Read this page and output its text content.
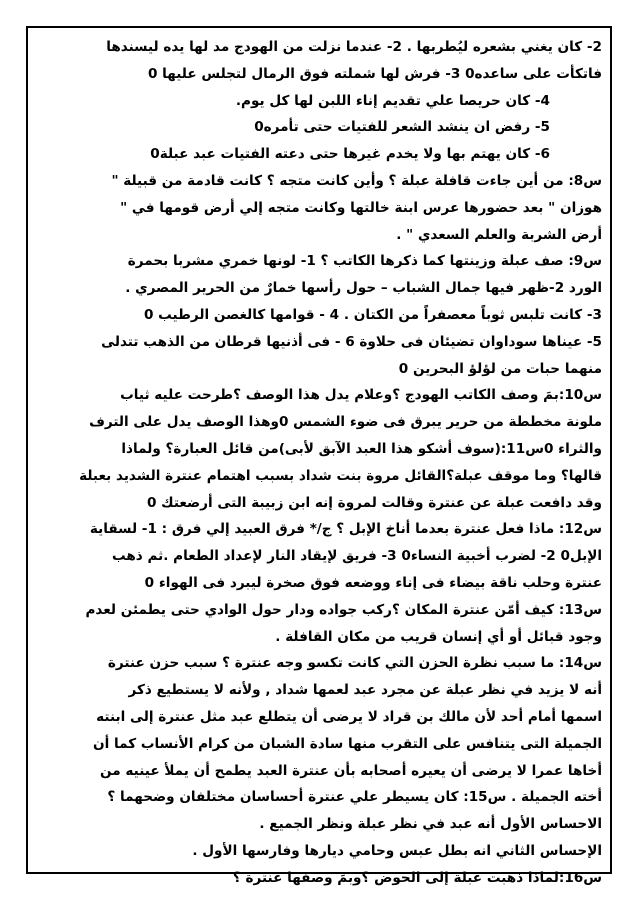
2- كان يغني بشعره ليُطربها . 2- عندما نزلت من الهودج مد لها يده ليسندها
فاتكأت على ساعده0 3- فرش لها شملته فوق الرمال لتجلس عليها 0
4- كان حريصا علي تقديم إناء اللبن لها كل يوم.
5- رفض ان ينشد الشعر للفتيات حتى تأمره0
6- كان يهتم بها ولا يخدم غيرها حتى دعته الفتيات عبد عبلة0
س8: من أين جاءت قافلة عبلة ؟ وأين كانت متجه ؟ كانت قادمة من قبيلة "
هوزان " بعد حضورها عرس ابنة خالتها وكانت متجه إلي أرض قومها في "
أرض الشربة والعلم السعدي " .
س9: صف عبلة وزينتها كما ذكرها الكاتب ؟ 1- لونها خمري مشربا بحمرة
الورد 2-ظهر فيها جمال الشباب – حول رأسها خمارٌ من الحرير المصري .
3- كانت تلبس ثوباً معصفراً من الكتان . 4 - قوامها كالغصن الرطيب 0
5- عيناها سوداوان تضيئان فى حلاوة 6 - فى أذنيها قرطان من الذهب تتدلى
منهما حبات من لؤلؤ البحرين 0
س10:بمَ وصف الكاتب الهودج ؟وعلام يدل هذا الوصف ؟طرحت عليه ثياب
ملونة مخططة من حرير يبرق فى ضوء الشمس 0وهذا الوصف يدل على الترف
والثراء 0س11:(سوف أشكو هذا العبد الآبق لأبى)من قائل العبارة؟ ولماذا
قالها؟ وما موقف عبلة؟القائل مروة بنت شداد بسبب اهتمام عنترة الشديد بعبلة
وقد دافعت عبلة عن عنترة وقالت لمروة إنه ابن زبيبة التى أرضعتك 0
س12: ماذا فعل عنترة بعدما أناخ الإبل ؟ ج/* فرق العبيد إلي فرق : 1- لسقاية
الإبل0 2- لضرب أخبية النساء0 3- فريق لإيقاد النار لإعداد الطعام .ثم ذهب
عنترة وحلب ناقة بيضاء فى إناء ووضعه فوق صخرة ليبرد فى الهواء 0
س13: كيف أمّن عنترة المكان ؟ركب جواده ودار حول الوادي حتى يطمئن لعدم
وجود قبائل أو أي إنسان قريب من مكان القافلة .
س14: ما سبب نظرة الحزن التي كانت تكسو وجه عنترة ؟ سبب حزن عنترة
أنه لا يزيد في نظر عبلة عن مجرد عبد لعمها شداد , ولأنه لا يستطيع ذكر
اسمها أمام أحد لأن مالك بن قراد لا يرضى أن يتطلع عبد مثل عنترة إلى ابنته
الجميلة التى يتنافس على التقرب منها سادة الشبان من كرام الأنساب كما أن
أخاها عمرا لا يرضى أن يعيره أصحابه بأن عنترة العبد يطمح أن يملأ عينيه من
أخته الجميلة . س15: كان يسيطر علي عنترة أحساسان مختلفان وضحهما ؟
الاحساس الأول أنه عبد في نظر عبلة ونظر الجميع .
الإحساس الثاني انه بطل عبس وحامي ديارها وفارسها الأول .
س16:لماذا ذهبت عبلة إلى الحوض ؟وبمَ وصفها عنترة ؟
